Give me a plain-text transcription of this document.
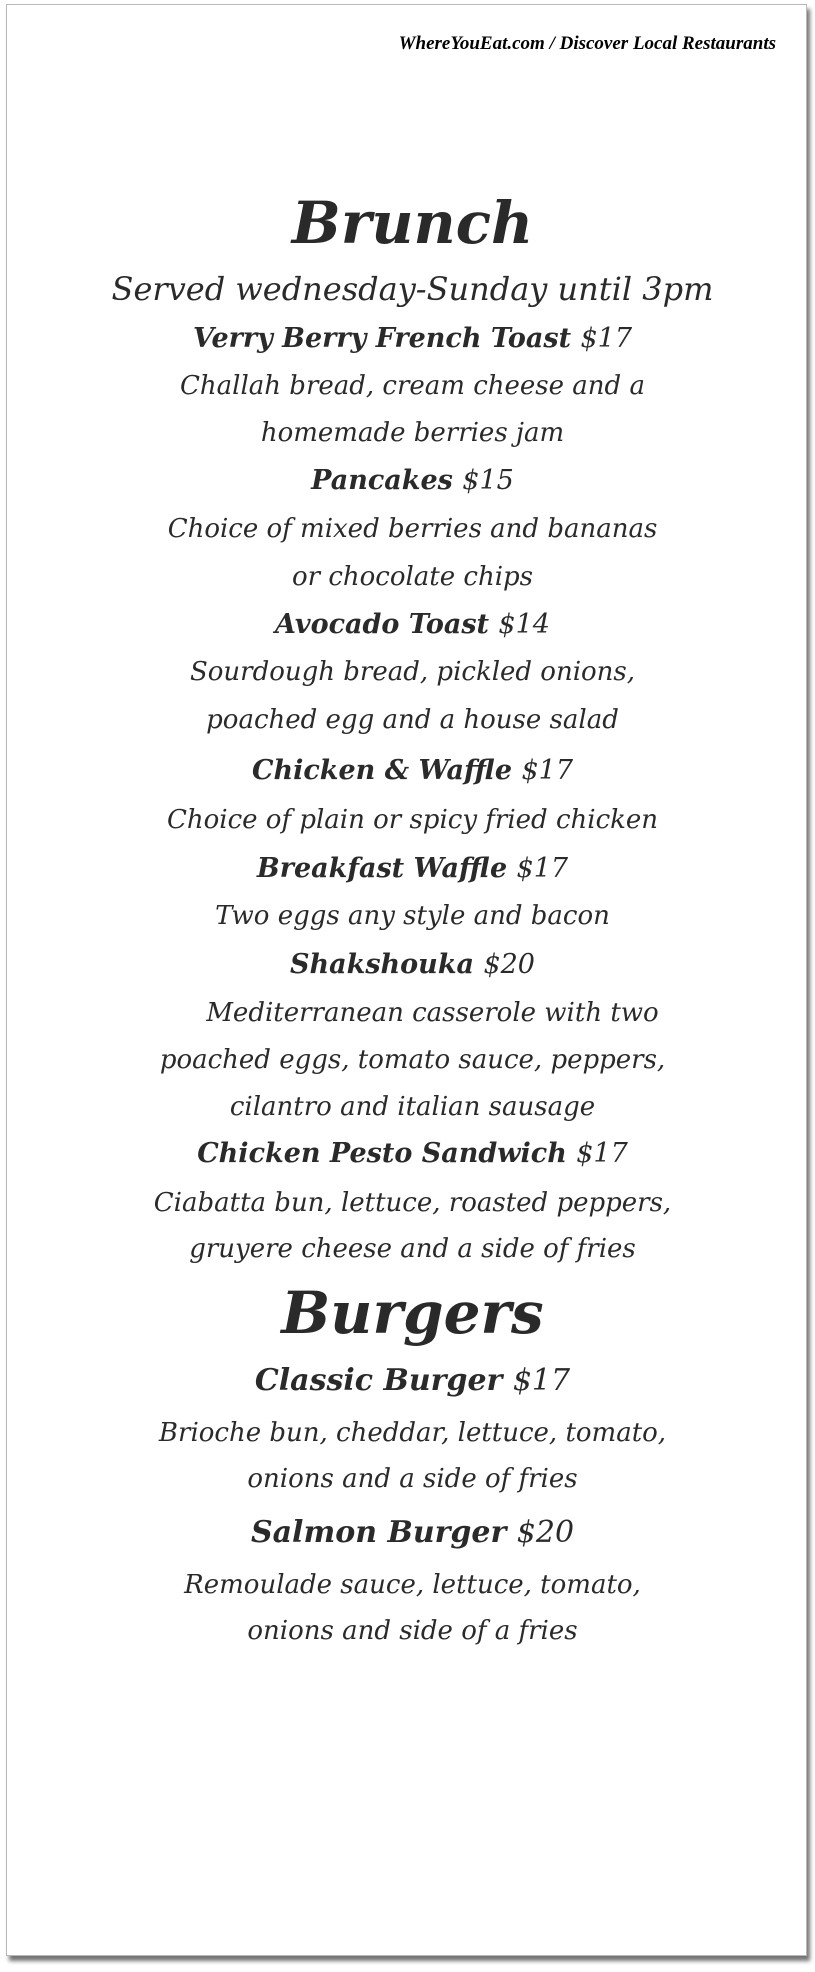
WhereYouEat.com / Discover Local Restaurants
Brunch
Served wednesday-Sunday until 3pm
Verry Berry French Toast $17
Challah bread, cream cheese and a
homemade berries jam
Pancakes $15
Choice of mixed berries and bananas
or chocolate chips
Avocado Toast $14
Sourdough bread, pickled onions,
poached egg and a house salad
Chicken & Waffle $17
Choice of plain or spicy fried chicken
Breakfast Waffle $17
Two eggs any style and bacon
Shakshouka $20
Mediterranean casserole with two
poached eggs, tomato sauce, peppers,
cilantro and italian sausage
Chicken Pesto Sandwich $17
Ciabatta bun, lettuce, roasted peppers,
gruyere cheese and a side of fries
Burgers
Classic Burger $17
Brioche bun, cheddar, lettuce, tomato,
onions and a side of fries
Salmon Burger $20
Remoulade sauce, lettuce, tomato,
onions and side of a fries
